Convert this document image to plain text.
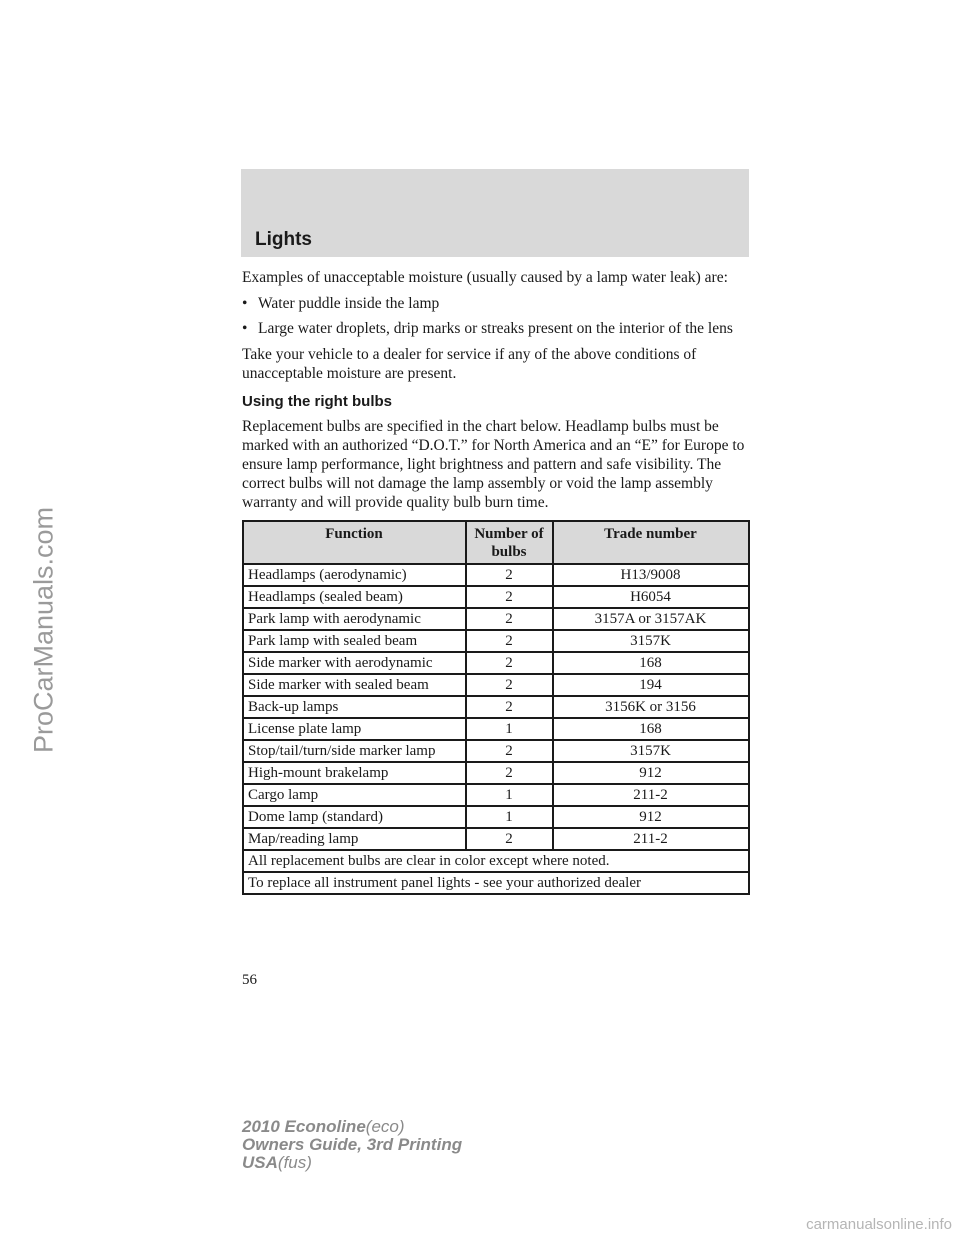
ProCarManuals.com
Lights

Examples of unacceptable moisture (usually caused by a lamp water leak) are:

• Water puddle inside the lamp
• Large water droplets, drip marks or streaks present on the interior of the lens

Take your vehicle to a dealer for service if any of the above conditions of unacceptable moisture are present.

Using the right bulbs

Replacement bulbs are specified in the chart below. Headlamp bulbs must be marked with an authorized “D.O.T.” for North America and an “E” for Europe to ensure lamp performance, light brightness and pattern and safe visibility. The correct bulbs will not damage the lamp assembly or void the lamp assembly warranty and will provide quality bulb burn time.

Function	Number of bulbs	Trade number
Headlamps (aerodynamic)	2	H13/9008
Headlamps (sealed beam)	2	H6054
Park lamp with aerodynamic	2	3157A or 3157AK
Park lamp with sealed beam	2	3157K
Side marker with aerodynamic	2	168
Side marker with sealed beam	2	194
Back-up lamps	2	3156K or 3156
License plate lamp	1	168
Stop/tail/turn/side marker lamp	2	3157K
High-mount brakelamp	2	912
Cargo lamp	1	211-2
Dome lamp (standard)	1	912
Map/reading lamp	2	211-2
All replacement bulbs are clear in color except where noted.		
To replace all instrument panel lights - see your authorized dealer		
56
2010 Econoline(eco)
Owners Guide, 3rd Printing
USA(fus)
carmanualsonline.info
